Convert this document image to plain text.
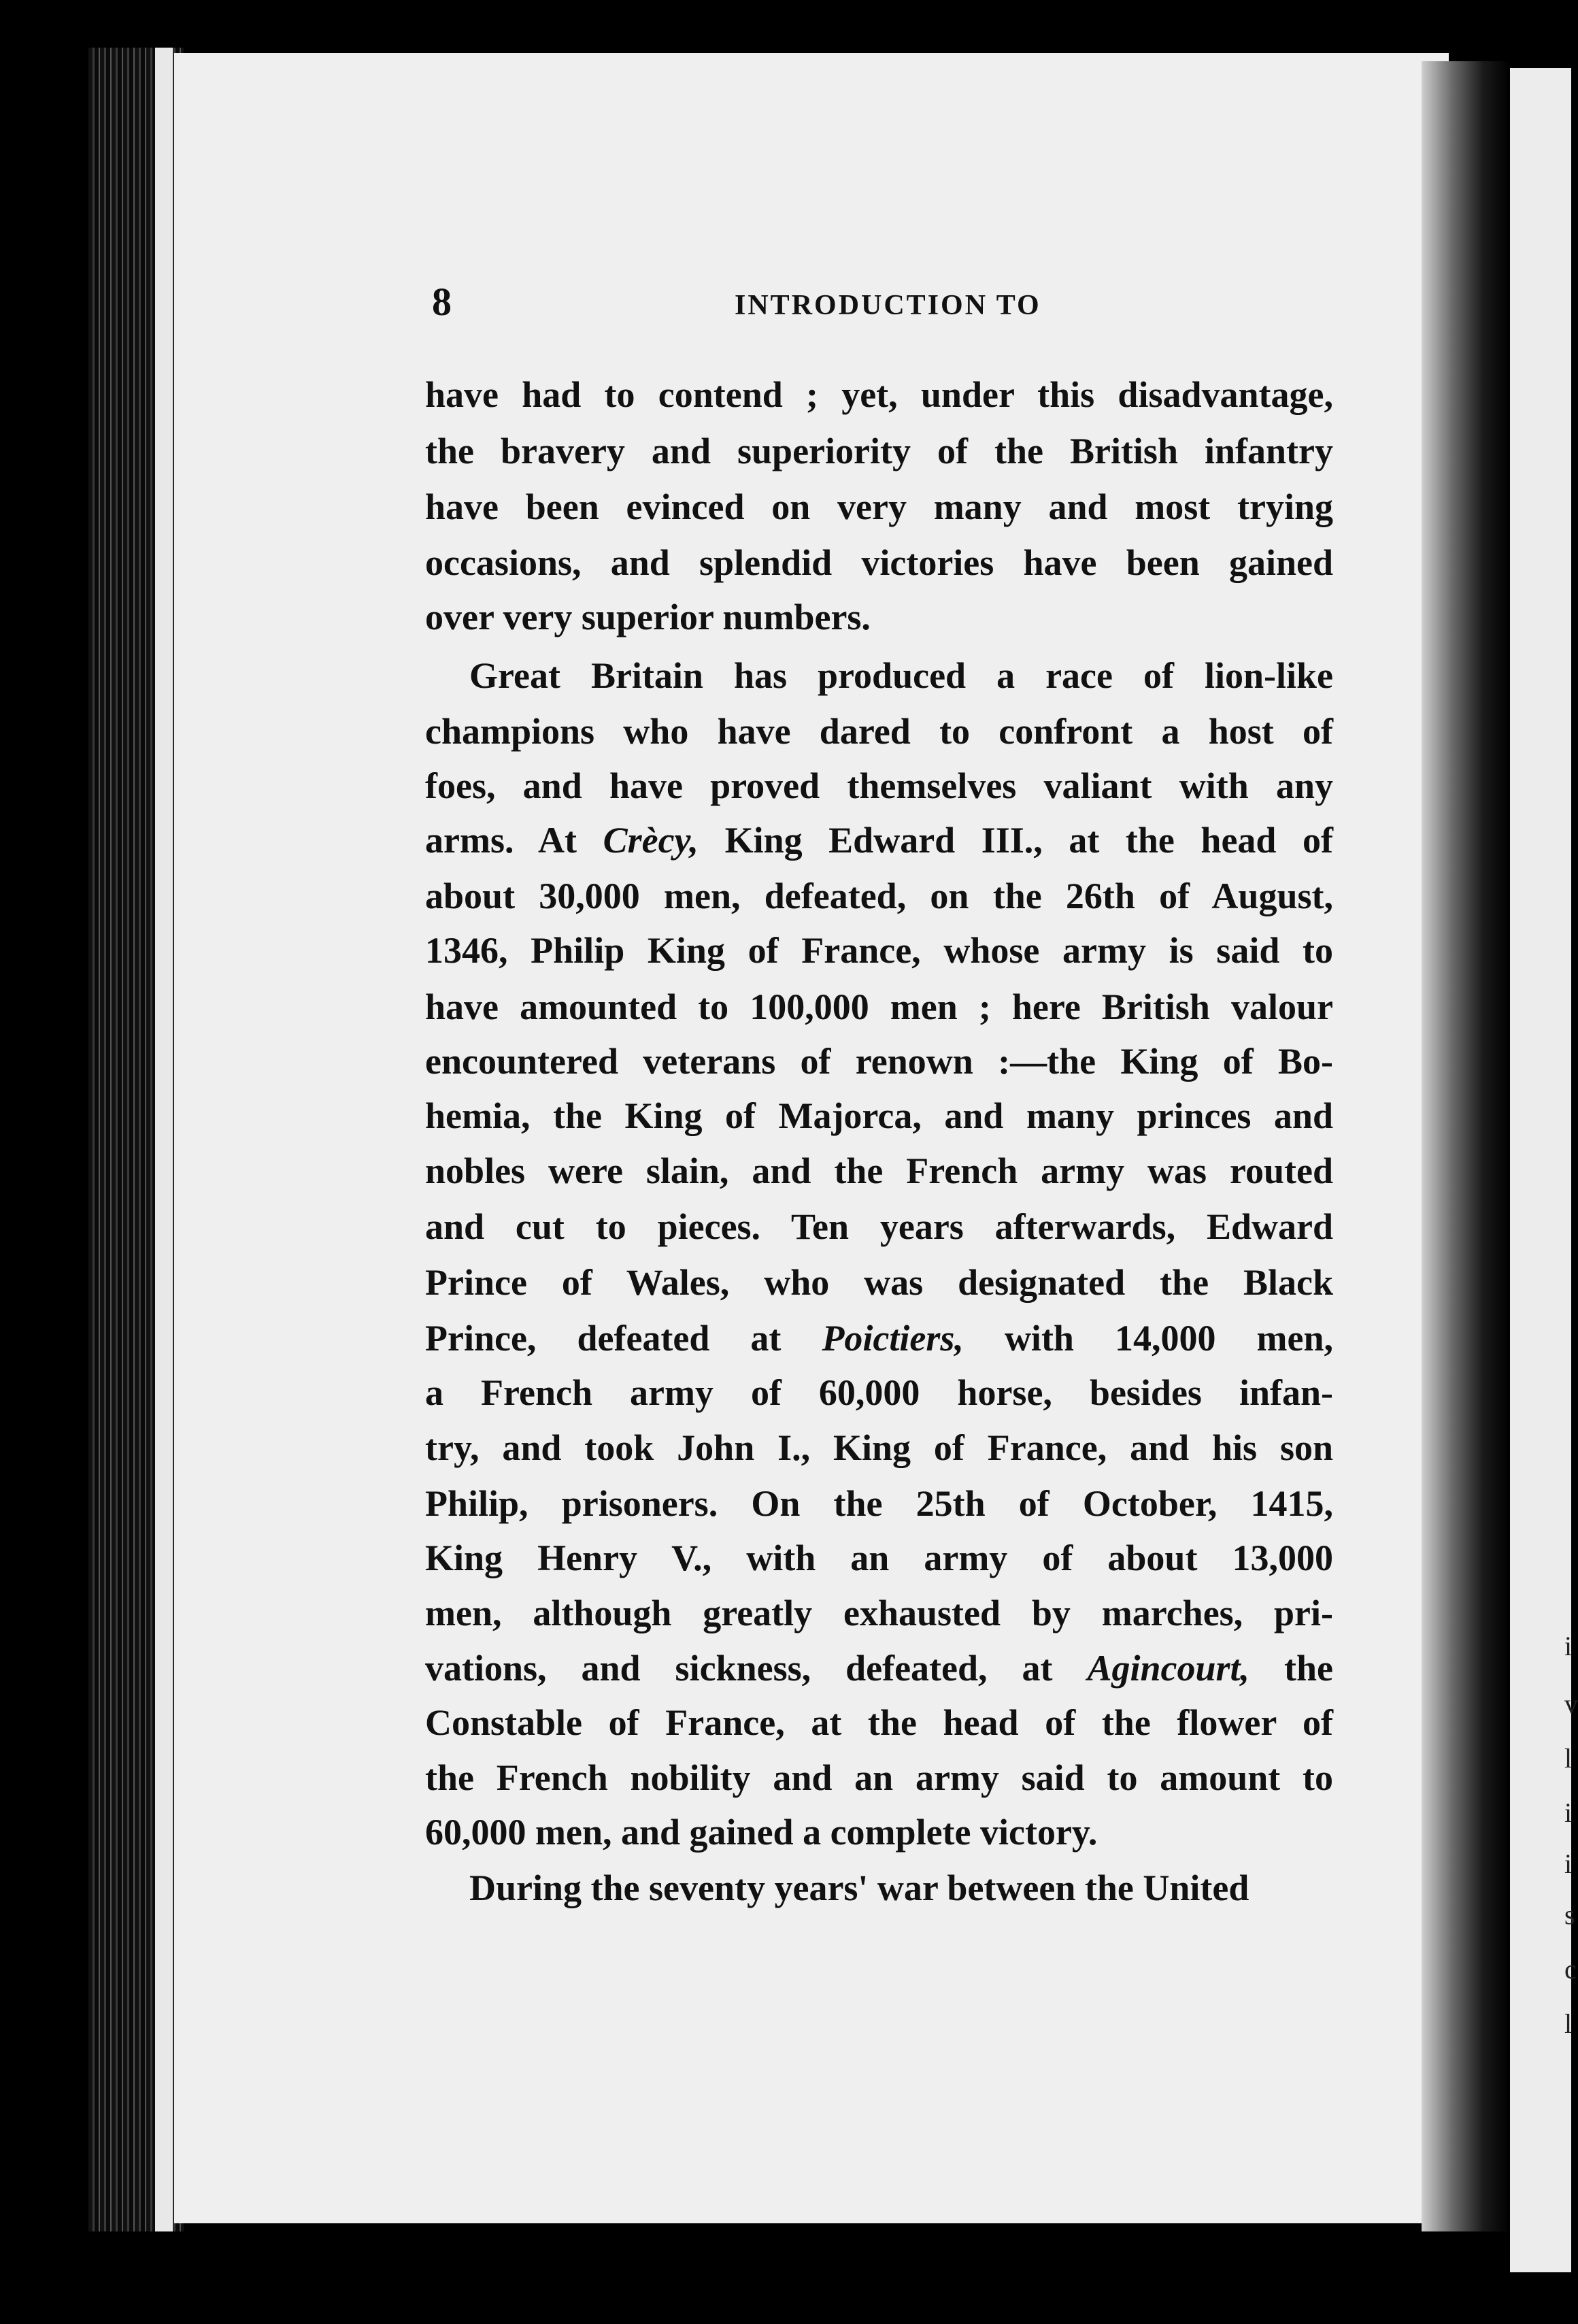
i
v
l
i
i
s
c
l
8	INTRODUCTION TO
have had to contend ; yet, under this disadvantage,
the bravery and superiority of the British infantry
have been evinced on very many and most trying
occasions, and splendid victories have been gained
over very superior numbers.
Great Britain has produced a race of lion-like
champions who have dared to confront a host of
foes, and have proved themselves valiant with any
arms. At Crècy, King Edward III., at the head of
about 30,000 men, defeated, on the 26th of August,
1346, Philip King of France, whose army is said to
have amounted to 100,000 men ; here British valour
encountered veterans of renown :—the King of Bo-
hemia, the King of Majorca, and many princes and
nobles were slain, and the French army was routed
and cut to pieces. Ten years afterwards, Edward
Prince of Wales, who was designated the Black
Prince, defeated at Poictiers, with 14,000 men,
a French army of 60,000 horse, besides infan-
try, and took John I., King of France, and his son
Philip, prisoners. On the 25th of October, 1415,
King Henry V., with an army of about 13,000
men, although greatly exhausted by marches, pri-
vations, and sickness, defeated, at Agincourt, the
Constable of France, at the head of the flower of
the French nobility and an army said to amount to
60,000 men, and gained a complete victory.
During the seventy years' war between the United
